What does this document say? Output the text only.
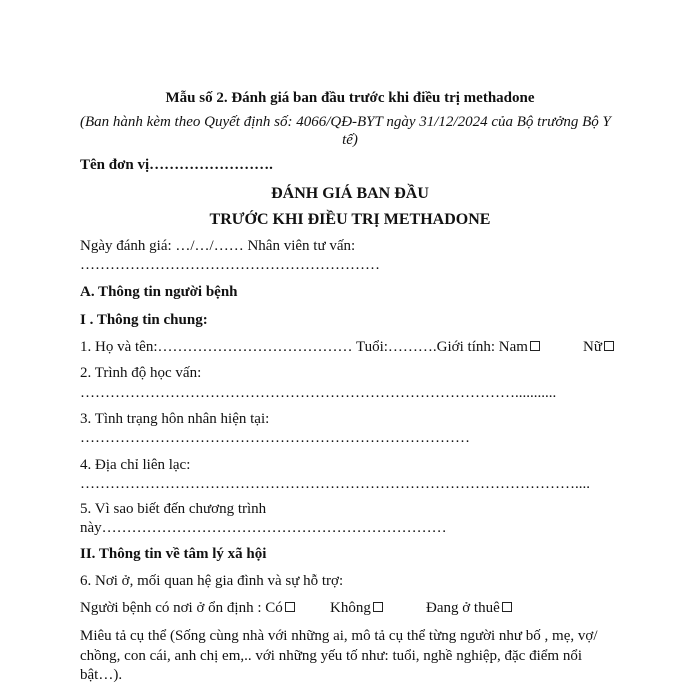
Mẫu số 2. Đánh giá ban đầu trước khi điều trị methadone
(Ban hành kèm theo Quyết định số: 4066/QĐ-BYT ngày 31/12/2024 của Bộ trưởng Bộ Y
tế)
Tên đơn vị…………………….
ĐÁNH GIÁ BAN ĐẦU
TRƯỚC KHI ĐIỀU TRỊ METHADONE
Ngày đánh giá: …/…/…… Nhân viên tư vấn:
……………………………………………………
A. Thông tin người bệnh
I . Thông tin chung:
1. Họ và tên:………………………………… Tuổi:……….Giới tính: Nam	Nữ
2. Trình độ học vấn:
……………………………………………………………………………...........
3. Tình trạng hôn nhân hiện tại:
……………………………………………………………………
4. Địa chỉ liên lạc:
………………………………………………………………………………………....
5. Vì sao biết đến chương trình
này……………………………………………………………
II. Thông tin về tâm lý xã hội
6. Nơi ở, mối quan hệ gia đình và sự hỗ trợ:
Người bệnh có nơi ở ổn định : Có	Không	Đang ở thuê
Miêu tả cụ thể (Sống cùng nhà với những ai, mô tả cụ thể từng người như bố , mẹ, vợ/
chồng, con cái, anh chị em,.. với những yếu tố như: tuổi, nghề nghiệp, đặc điểm nổi
bật…).
